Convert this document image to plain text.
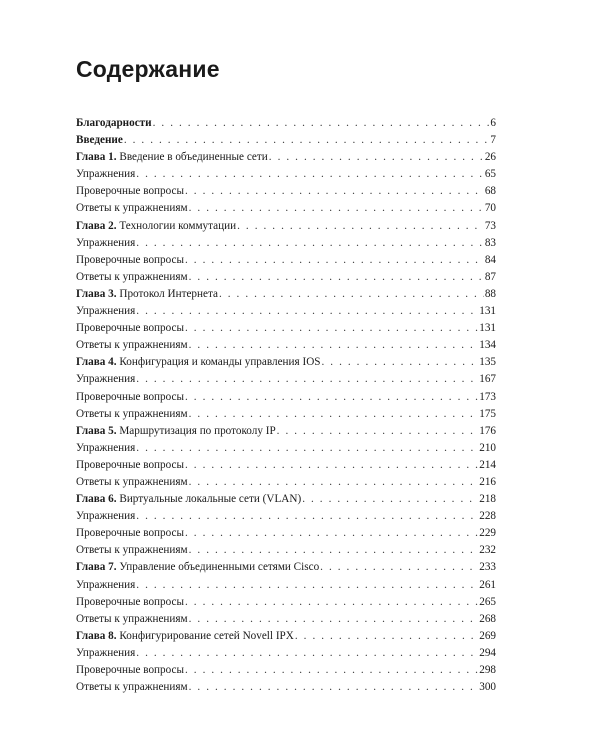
Содержание
Благодарности . . .	6
Введение . . .	7
Глава 1. Введение в объединенные сети . . .	26
Упражнения . . .	65
Проверочные вопросы . . .	68
Ответы к упражнениям . . .	70
Глава 2. Технологии коммутации . . .	73
Упражнения . . .	83
Проверочные вопросы . . .	84
Ответы к упражнениям . . .	87
Глава 3. Протокол Интернета . . .	88
Упражнения . . .	131
Проверочные вопросы . . .	131
Ответы к упражнениям . . .	134
Глава 4. Конфигурация и команды управления IOS . . .	135
Упражнения . . .	167
Проверочные вопросы . . .	173
Ответы к упражнениям . . .	175
Глава 5. Маршрутизация по протоколу IP . . .	176
Упражнения . . .	210
Проверочные вопросы . . .	214
Ответы к упражнениям . . .	216
Глава 6. Виртуальные локальные сети (VLAN) . . .	218
Упражнения . . .	228
Проверочные вопросы . . .	229
Ответы к упражнениям . . .	232
Глава 7. Управление объединенными сетями Cisco . . .	233
Упражнения . . .	261
Проверочные вопросы . . .	265
Ответы к упражнениям . . .	268
Глава 8. Конфигурирование сетей Novell IPX . . .	269
Упражнения . . .	294
Проверочные вопросы . . .	298
Ответы к упражнениям . . .	300
